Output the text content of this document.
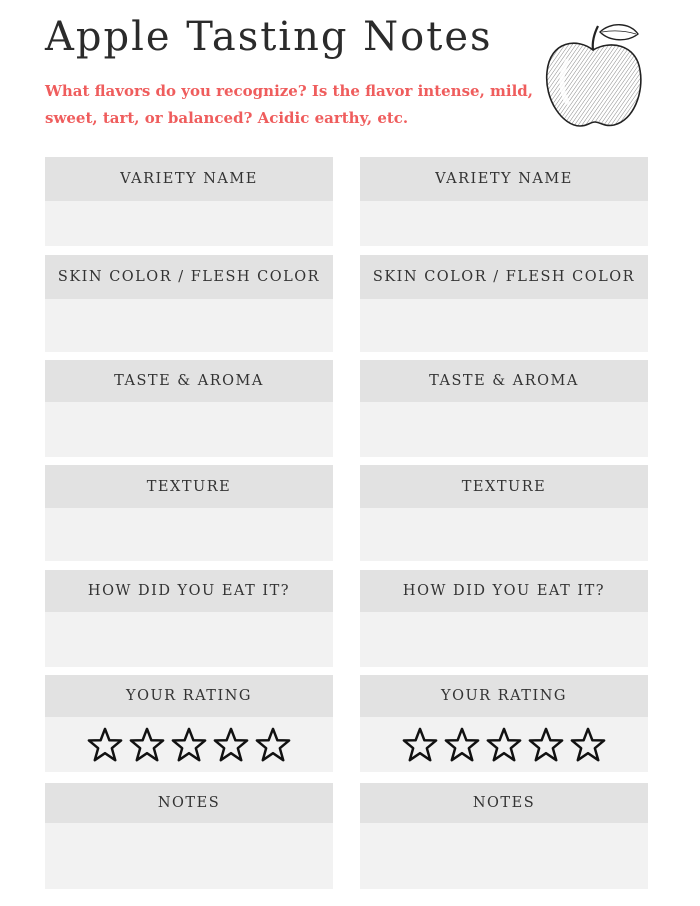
Apple Tasting Notes

What flavors do you recognize? Is the flavor intense, mild, sweet, tart, or balanced? Acidic earthy, etc.

VARIETY NAME
SKIN COLOR / FLESH COLOR
TASTE & AROMA
TEXTURE
HOW DID YOU EAT IT?
YOUR RATING
NOTES
VARIETY NAME
SKIN COLOR / FLESH COLOR
TASTE & AROMA
TEXTURE
HOW DID YOU EAT IT?
YOUR RATING
NOTES
